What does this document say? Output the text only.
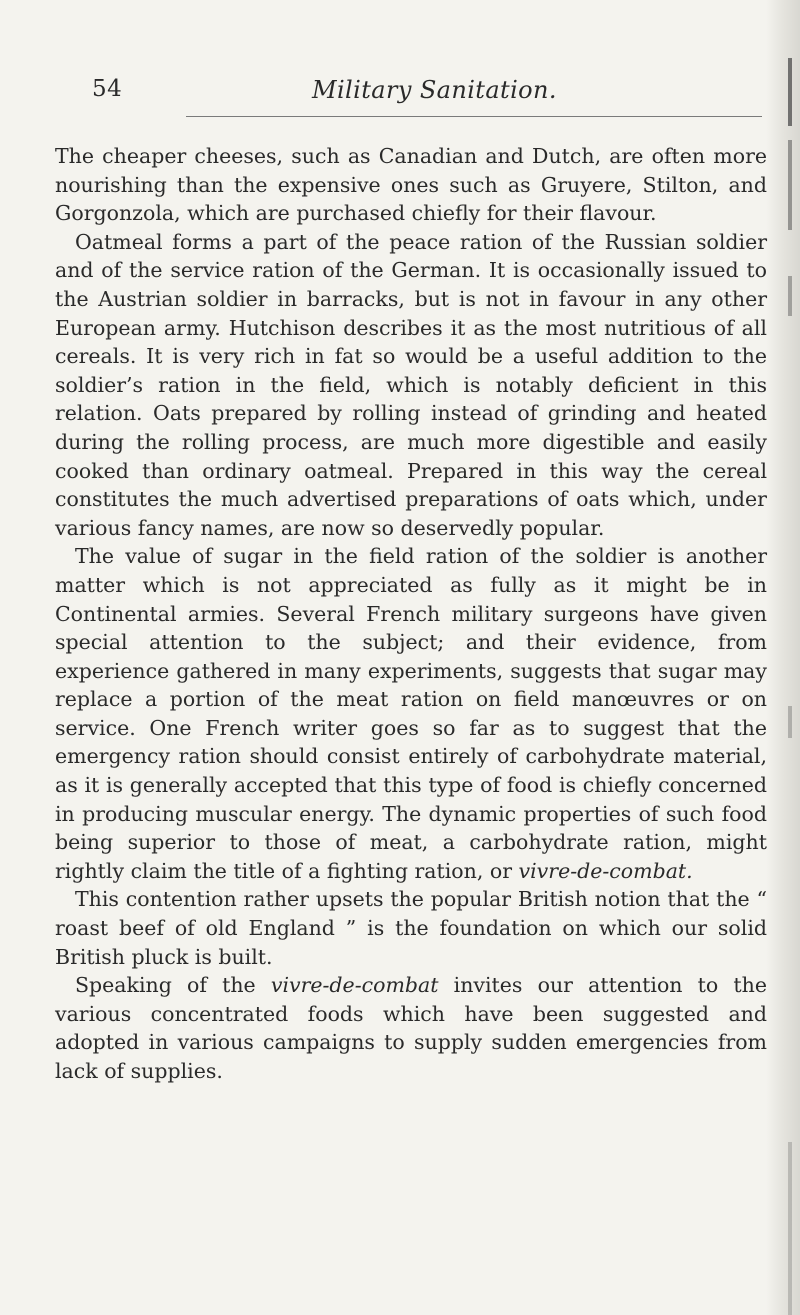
54	Military Sanitation.

The cheaper cheeses, such as Canadian and Dutch, are often more nourishing than the expensive ones such as Gruyere, Stilton, and Gorgonzola, which are purchased chiefly for their flavour.

Oatmeal forms a part of the peace ration of the Russian soldier and of the service ration of the German. It is occasionally issued to the Austrian soldier in barracks, but is not in favour in any other European army. Hutchison describes it as the most nutritious of all cereals. It is very rich in fat so would be a useful addition to the soldier’s ration in the field, which is notably deficient in this relation. Oats prepared by rolling instead of grinding and heated during the rolling process, are much more digestible and easily cooked than ordinary oatmeal. Prepared in this way the cereal constitutes the much advertised preparations of oats which, under various fancy names, are now so deservedly popular.

The value of sugar in the field ration of the soldier is another matter which is not appreciated as fully as it might be in Continental armies. Several French military surgeons have given special attention to the subject; and their evidence, from experience gathered in many experiments, suggests that sugar may replace a portion of the meat ration on field manœuvres or on service. One French writer goes so far as to suggest that the emergency ration should consist entirely of carbohydrate material, as it is generally accepted that this type of food is chiefly concerned in producing muscular energy. The dynamic properties of such food being superior to those of meat, a carbohydrate ration, might rightly claim the title of a fighting ration, or vivre-de-combat.

This contention rather upsets the popular British notion that the “ roast beef of old England ” is the foundation on which our solid British pluck is built.

Speaking of the vivre-de-combat invites our attention to the various concentrated foods which have been suggested and adopted in various campaigns to supply sudden emergencies from lack of supplies.
